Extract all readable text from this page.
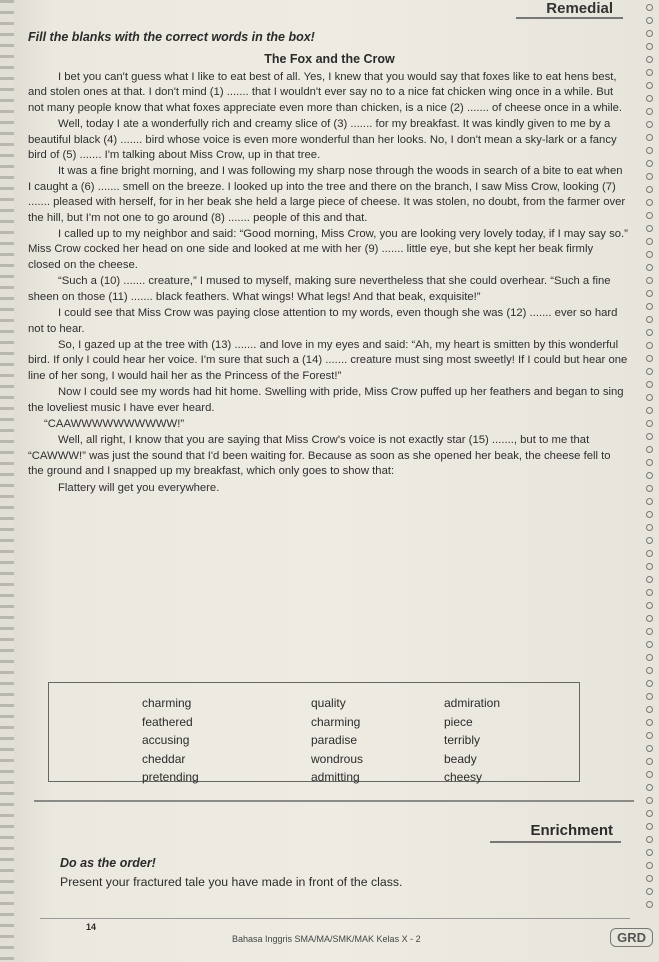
Remedial
Fill the blanks with the correct words in the box!
The Fox and the Crow

I bet you can't guess what I like to eat best of all. Yes, I knew that you would say that foxes like to eat hens best, and stolen ones at that. I don't mind (1) ....... that I wouldn't ever say no to a nice fat chicken wing once in a while. But not many people know that what foxes appreciate even more than chicken, is a nice (2) ....... of cheese once in a while.

Well, today I ate a wonderfully rich and creamy slice of (3) ....... for my breakfast. It was kindly given to me by a beautiful black (4) ....... bird whose voice is even more wonderful than her looks. No, I don't mean a sky-lark or a fancy bird of (5) ....... I'm talking about Miss Crow, up in that tree.

It was a fine bright morning, and I was following my sharp nose through the woods in search of a bite to eat when I caught a (6) ....... smell on the breeze. I looked up into the tree and there on the branch, I saw Miss Crow, looking (7) ....... pleased with herself, for in her beak she held a large piece of cheese. It was stolen, no doubt, from the farmer over the hill, but I'm not one to go around (8) ....... people of this and that.

I called up to my neighbor and said: “Good morning, Miss Crow, you are looking very lovely today, if I may say so.” Miss Crow cocked her head on one side and looked at me with her (9) ....... little eye, but she kept her beak firmly closed on the cheese.

“Such a (10) ....... creature,” I mused to myself, making sure nevertheless that she could overhear. “Such a fine sheen on those (11) ....... black feathers. What wings! What legs! And that beak, exquisite!”

I could see that Miss Crow was paying close attention to my words, even though she was (12) ....... ever so hard not to hear.

So, I gazed up at the tree with (13) ....... and love in my eyes and said: “Ah, my heart is smitten by this wonderful bird. If only I could hear her voice. I'm sure that such a (14) ....... creature must sing most sweetly! If I could but hear one line of her song, I would hail her as the Princess of the Forest!”

Now I could see my words had hit home. Swelling with pride, Miss Crow puffed up her feathers and began to sing the loveliest music I have ever heard.

“CAAWWWWWWWWWW!”

Well, all right, I know that you are saying that Miss Crow's voice is not exactly star (15) ......., but to me that “CAWWW!” was just the sound that I'd been waiting for. Because as soon as she opened her beak, the cheese fell to the ground and I snapped up my breakfast, which only goes to show that:

Flattery will get you everywhere.

charming
feathered
accusing
cheddar
pretending
quality
charming
paradise
wondrous
admitting
admiration
piece
terribly
beady
cheesy
Enrichment
Do as the order!
Present your fractured tale you have made in front of the class.
14
Bahasa Inggris SMA/MA/SMK/MAK Kelas X - 2	GRD
